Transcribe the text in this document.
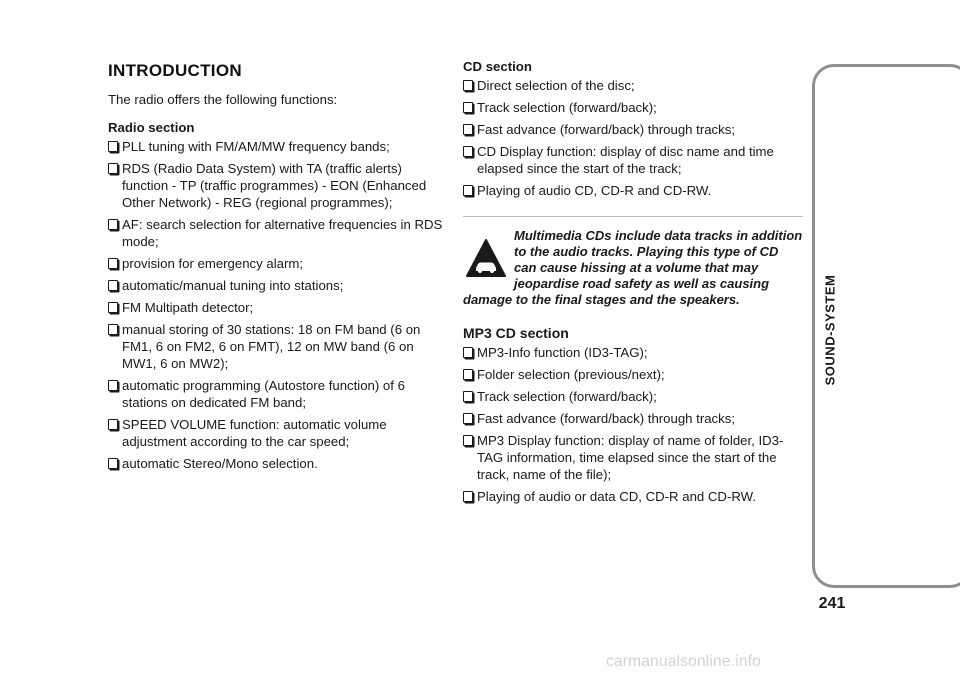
INTRODUCTION

The radio offers the following functions:

Radio section
PLL tuning with FM/AM/MW frequency bands;
RDS (Radio Data System) with TA (traffic alerts) function - TP (traffic programmes) - EON (Enhanced Other Network) - REG (regional programmes);
AF: search selection for alternative frequencies in RDS mode;
provision for emergency alarm;
automatic/manual tuning into stations;
FM Multipath detector;
manual storing of 30 stations: 18 on FM band (6 on FM1, 6 on FM2, 6 on FMT), 12 on MW band (6 on MW1, 6 on MW2);
automatic programming (Autostore function) of 6 stations on dedicated FM band;
SPEED VOLUME function: automatic volume adjustment according to the car speed;
automatic Stereo/Mono selection.
CD section
Direct selection of the disc;
Track selection (forward/back);
Fast advance (forward/back) through tracks;
CD Display function: display of disc name and time elapsed since the start of the track;
Playing of audio CD, CD-R and CD-RW.

Multimedia CDs include data tracks in addition to the audio tracks. Playing this type of CD can cause hissing at a volume that may jeopardise road safety as well as causing damage to the final stages and the speakers.

MP3 CD section
MP3-Info function (ID3-TAG);
Folder selection (previous/next);
Track selection (forward/back);
Fast advance (forward/back) through tracks;
MP3 Display function: display of name of folder, ID3-TAG information, time elapsed since the start of the track, name of the file);
Playing of audio or data CD, CD-R and CD-RW.
SOUND-SYSTEM
241
carmanualsonline.info
